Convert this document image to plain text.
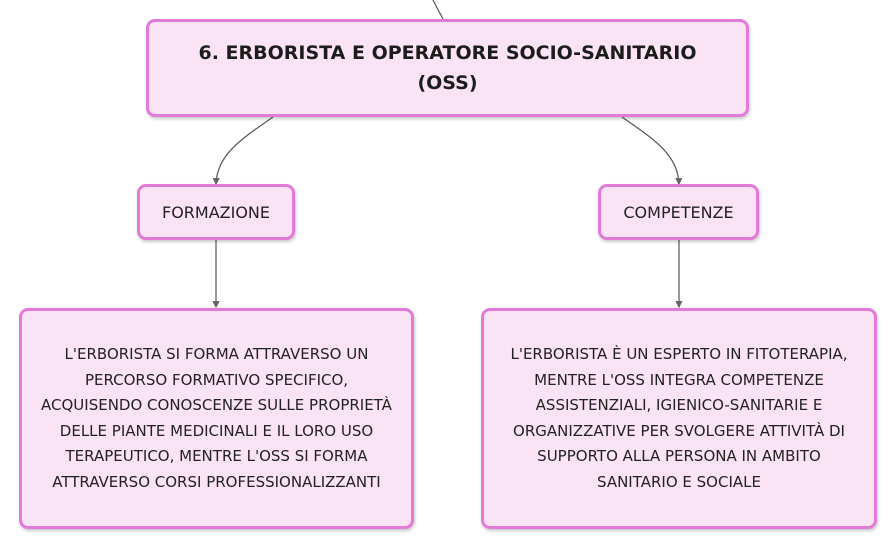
6. ERBORISTA E OPERATORE SOCIO-SANITARIO (OSS)
FORMAZIONE	COMPETENZE
L'ERBORISTA SI FORMA ATTRAVERSO UN PERCORSO FORMATIVO SPECIFICO, ACQUISENDO CONOSCENZE SULLE PROPRIETÀ DELLE PIANTE MEDICINALI E IL LORO USO TERAPEUTICO, MENTRE L'OSS SI FORMA ATTRAVERSO CORSI PROFESSIONALIZZANTI
L'ERBORISTA È UN ESPERTO IN FITOTERAPIA, MENTRE L'OSS INTEGRA COMPETENZE ASSISTENZIALI, IGIENICO-SANITARIE E ORGANIZZATIVE PER SVOLGERE ATTIVITÀ DI SUPPORTO ALLA PERSONA IN AMBITO SANITARIO E SOCIALE
